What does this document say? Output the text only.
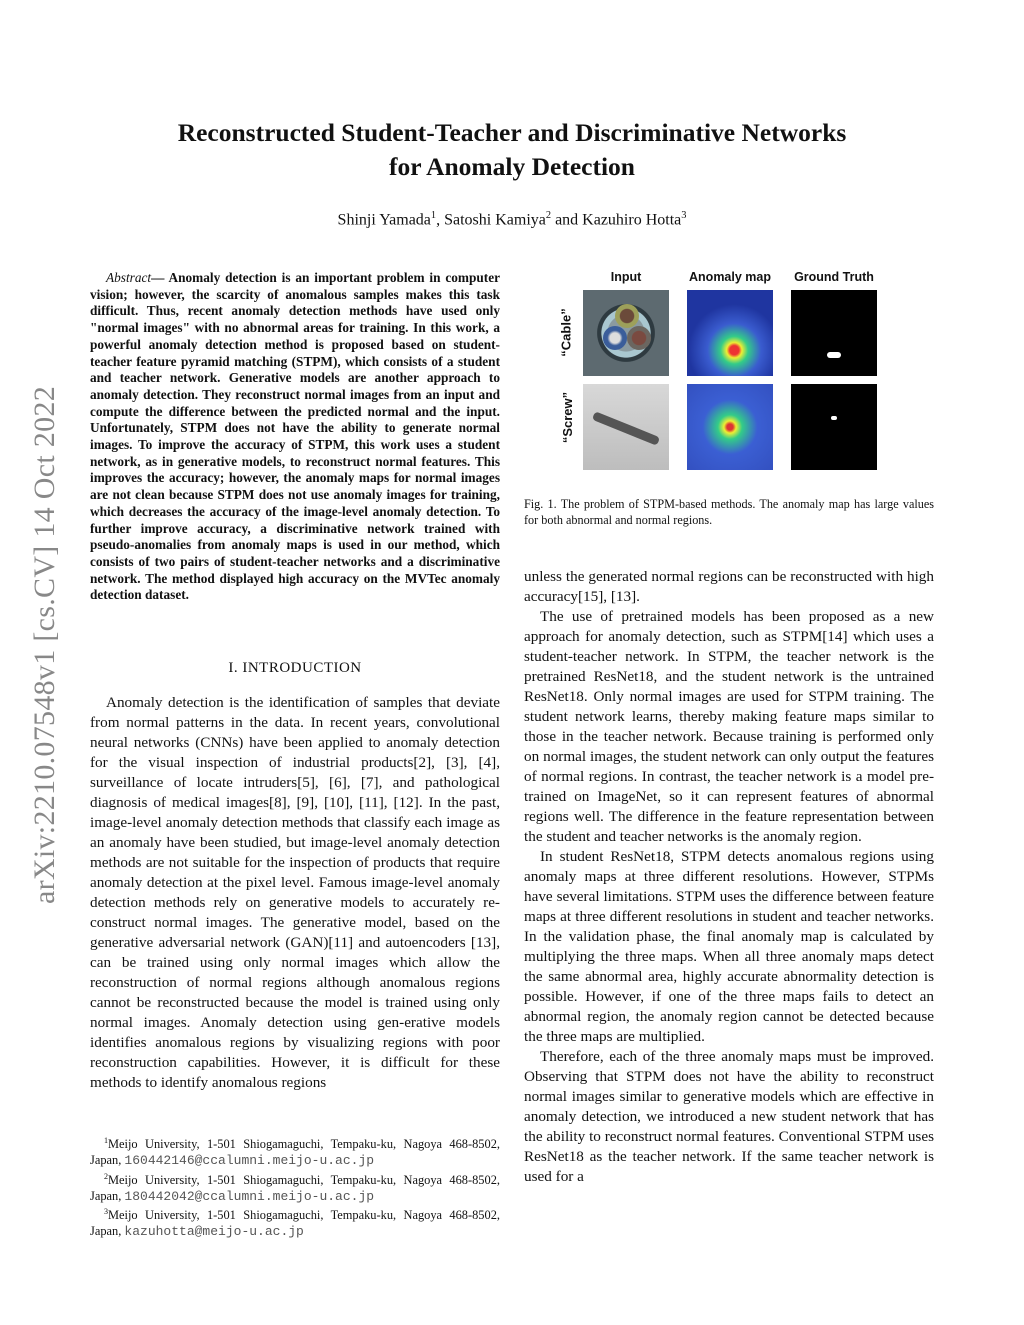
arXiv:2210.07548v1 [cs.CV] 14 Oct 2022
Reconstructed Student-Teacher and Discriminative Networks
for Anomaly Detection
Shinji Yamada$^1$, Satoshi Kamiya$^2$ and Kazuhiro Hotta$^3$
Abstract— Anomaly detection is an important problem in computer vision; however, the scarcity of anomalous samples makes this task difficult. Thus, recent anomaly detection methods have used only "normal images" with no abnormal areas for training. In this work, a powerful anomaly detection method is proposed based on student-teacher feature pyramid matching (STPM), which consists of a student and teacher network. Generative models are another approach to anomaly detection. They reconstruct normal images from an input and compute the difference between the predicted normal and the input. Unfortunately, STPM does not have the ability to generate normal images. To improve the accuracy of STPM, this work uses a student network, as in generative models, to reconstruct normal features. This improves the accuracy; however, the anomaly maps for normal images are not clean because STPM does not use anomaly images for training, which decreases the accuracy of the image-level anomaly detection. To further improve accuracy, a discriminative network trained with pseudo-anomalies from anomaly maps is used in our method, which consists of two pairs of student-teacher networks and a discriminative network. The method displayed high accuracy on the MVTec anomaly detection dataset.
I. INTRODUCTION

Anomaly detection is the identification of samples that deviate from normal patterns in the data. In recent years, convolutional neural networks (CNNs) have been applied to anomaly detection for the visual inspection of industrial products[2], [3], [4], surveillance of locate intruders[5], [6], [7], and pathological diagnosis of medical images[8], [9], [10], [11], [12]. In the past, image-level anomaly detection methods that classify each image as an anomaly have been studied, but image-level anomaly detection methods are not suitable for the inspection of products that require anomaly detection at the pixel level. Famous image-level anomaly detection methods rely on generative models to accurately re-construct normal images. The generative model, based on the generative adversarial network (GAN)[11] and autoencoders [13], can be trained using only normal images which allow the reconstruction of normal regions although anomalous regions cannot be reconstructed because the model is trained using only normal images. Anomaly detection using gen-erative models identifies anomalous regions by visualizing regions with poor reconstruction capabilities. However, it is difficult for these methods to identify anomalous regions

$^1$Meijo University, 1-501 Shiogamaguchi, Tempaku-ku, Nagoya 468-8502, Japan, 160442146@ccalumni.meijo-u.ac.jp

$^2$Meijo University, 1-501 Shiogamaguchi, Tempaku-ku, Nagoya 468-8502, Japan, 180442042@ccalumni.meijo-u.ac.jp

$^3$Meijo University, 1-501 Shiogamaguchi, Tempaku-ku, Nagoya 468-8502, Japan, kazuhotta@meijo-u.ac.jp

Input	Anomaly map	Ground Truth
“Cable”
“Screw”
Fig. 1. The problem of STPM-based methods. The anomaly map has large values for both abnormal and normal regions.

unless the generated normal regions can be reconstructed with high accuracy[15], [13].

The use of pretrained models has been proposed as a new approach for anomaly detection, such as STPM[14] which uses a student-teacher network. In STPM, the teacher network is the pretrained ResNet18, and the student network is the untrained ResNet18. Only normal images are used for STPM training. The student network learns, thereby making feature maps similar to those in the teacher network. Because training is performed only on normal images, the student network can only output the features of normal regions. In contrast, the teacher network is a model pre-trained on ImageNet, so it can represent features of abnormal regions well. The difference in the feature representation between the student and teacher networks is the anomaly region.

In student ResNet18, STPM detects anomalous regions using anomaly maps at three different resolutions. However, STPMs have several limitations. STPM uses the difference between feature maps at three different resolutions in student and teacher networks. In the validation phase, the final anomaly map is calculated by multiplying the three maps. When all three anomaly maps detect the same abnormal area, highly accurate abnormality detection is possible. However, if one of the three maps fails to detect an abnormal region, the anomaly region cannot be detected because the three maps are multiplied.

Therefore, each of the three anomaly maps must be improved. Observing that STPM does not have the ability to reconstruct normal images similar to generative models which are effective in anomaly detection, we introduced a new student network that has the ability to reconstruct normal features. Conventional STPM uses ResNet18 as the teacher network. If the same teacher network is used for a
